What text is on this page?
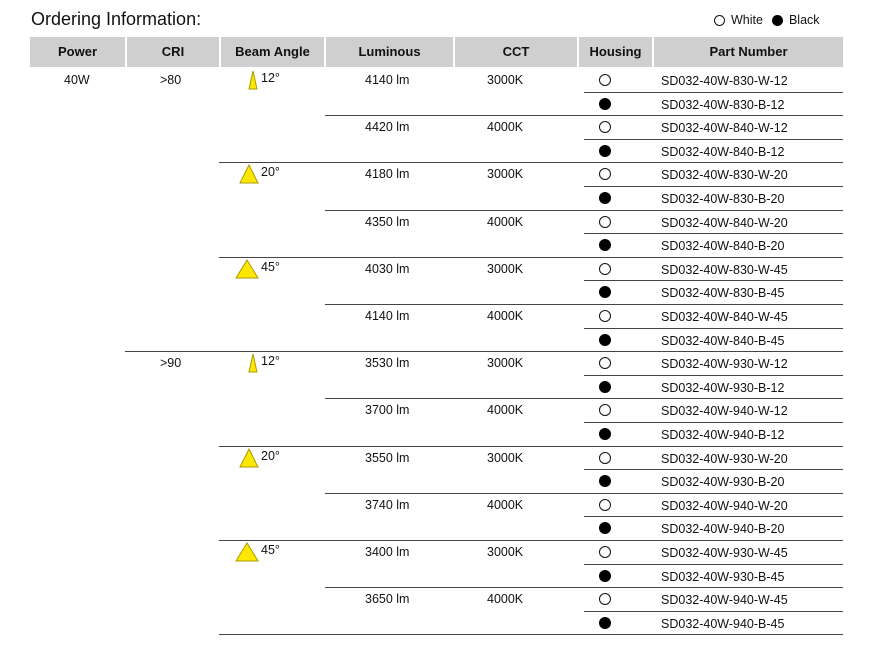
Ordering Information:	White Black
Power	CRI	Beam Angle	Luminous	CCT	Housing	Part Number
40W	>80	12°	4140 lm	3000K	SD032-40W-830-W-12
SD032-40W-830-B-12
4420 lm	4000K	SD032-40W-840-W-12
SD032-40W-840-B-12
20°	4180 lm	3000K	SD032-40W-830-W-20
SD032-40W-830-B-20
4350 lm	4000K	SD032-40W-840-W-20
SD032-40W-840-B-20
45°	4030 lm	3000K	SD032-40W-830-W-45
SD032-40W-830-B-45
4140 lm	4000K	SD032-40W-840-W-45
SD032-40W-840-B-45
>90	12°	3530 lm	3000K	SD032-40W-930-W-12
SD032-40W-930-B-12
3700 lm	4000K	SD032-40W-940-W-12
SD032-40W-940-B-12
20°	3550 lm	3000K	SD032-40W-930-W-20
SD032-40W-930-B-20
3740 lm	4000K	SD032-40W-940-W-20
SD032-40W-940-B-20
45°	3400 lm	3000K	SD032-40W-930-W-45
SD032-40W-930-B-45
3650 lm	4000K	SD032-40W-940-W-45
SD032-40W-940-B-45
